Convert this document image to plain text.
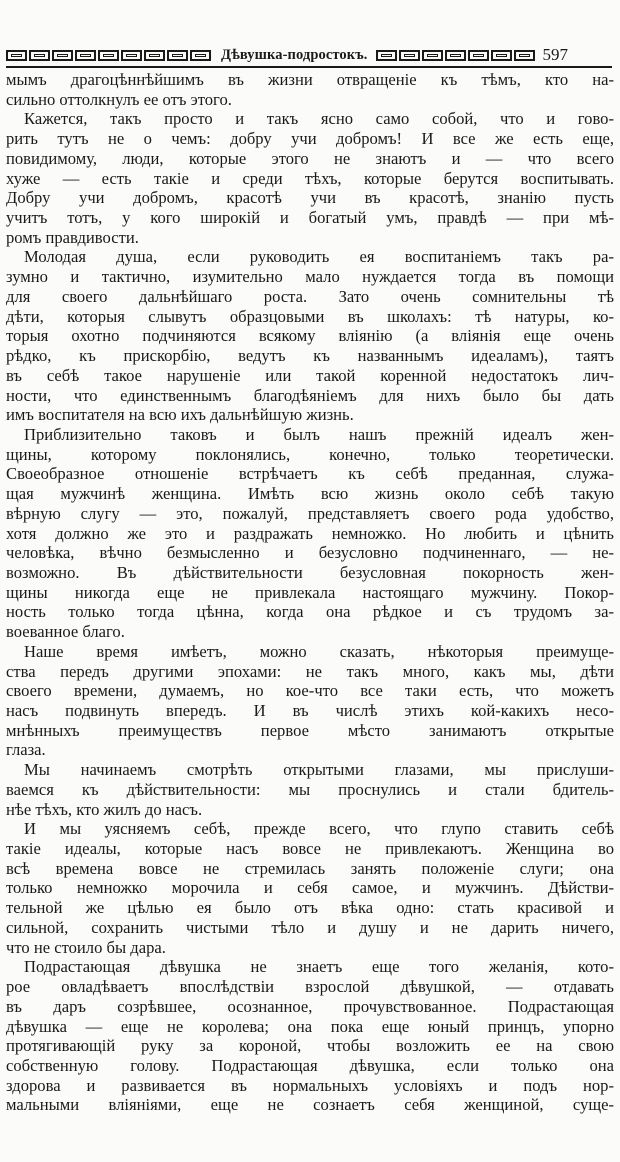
Дѣвушка-подростокъ.	597
мымъ драгоцѣннѣйшимъ въ жизни отвращенiе къ тѣмъ, кто на-
сильно оттолкнулъ ее отъ этого.
Кажется, такъ просто и такъ ясно само собой, что и гово-
рить тутъ не о чемъ: добру учи добромъ! И все же есть еще,
повидимому, люди, которые этого не знаютъ и — что всего
хуже — есть такiе и среди тѣхъ, которые берутся воспитывать.
Добру учи добромъ, красотѣ учи въ красотѣ, знанiю пусть
учитъ тотъ, у кого широкiй и богатый умъ, правдѣ — при мѣ-
ромъ правдивости.
Молодая душа, если руководить ея воспитанiемъ такъ ра-
зумно и тактично, изумительно мало нуждается тогда въ помощи
для своего дальнѣйшаго роста. Зато очень сомнительны тѣ
дѣти, которыя слывутъ образцовыми въ школахъ: тѣ натуры, ко-
торыя охотно подчиняются всякому влiянiю (а влiянiя еще очень
рѣдко, къ прискорбiю, ведутъ къ названнымъ идеаламъ), таятъ
въ себѣ такое нарушенiе или такой коренной недостатокъ лич-
ности, что единственнымъ благодѣянiемъ для нихъ было бы дать
имъ воспитателя на всю ихъ дальнѣйшую жизнь.
Приблизительно таковъ и былъ нашъ прежнiй идеалъ жен-
щины, которому поклонялись, конечно, только теоретически.
Своеобразное отношенiе встрѣчаетъ къ себѣ преданная, служа-
щая мужчинѣ женщина. Имѣть всю жизнь около себѣ такую
вѣрную слугу — это, пожалуй, представляетъ своего рода удобство,
хотя должно же это и раздражать немножко. Но любить и цѣнить
человѣка, вѣчно безмысленно и безусловно подчиненнаго, — не-
возможно. Въ дѣйствительности безусловная покорность жен-
щины никогда еще не привлекала настоящаго мужчину. Покор-
ность только тогда цѣнна, когда она рѣдкое и съ трудомъ за-
воеванное благо.
Наше время имѣетъ, можно сказать, нѣкоторыя преимуще-
ства передъ другими эпохами: не такъ много, какъ мы, дѣти
своего времени, думаемъ, но кое-что все таки есть, что можетъ
насъ подвинуть впередъ. И въ числѣ этихъ кой-какихъ несо-
мнѣнныхъ преимуществъ первое мѣсто занимаютъ открытые
глаза.
Мы начинаемъ смотрѣть открытыми глазами, мы прислуши-
ваемся къ дѣйствительности: мы проснулись и стали бдитель-
нѣе тѣхъ, кто жилъ до насъ.
И мы уясняемъ себѣ, прежде всего, что глупо ставить себѣ
такiе идеалы, которые насъ вовсе не привлекаютъ. Женщина во
всѣ времена вовсе не стремилась занять положенiе слуги; она
только немножко морочила и себя самое, и мужчинъ. Дѣйстви-
тельной же цѣлью ея было отъ вѣка одно: стать красивой и
сильной, сохранить чистыми тѣло и душу и не дарить ничего,
что не стоило бы дара.
Подрастающая дѣвушка не знаетъ еще того желанiя, кото-
рое овладѣваетъ впослѣдствiи взрослой дѣвушкой, — отдавать
въ даръ созрѣвшее, осознанное, прочувствованное. Подрастающая
дѣвушка — еще не королева; она пока еще юный принцъ, упорно
протягивающiй руку за короной, чтобы возложить ее на свою
собственную голову. Подрастающая дѣвушка, если только она
здорова и развивается въ нормальныхъ условiяхъ и подъ нор-
мальными влiянiями, еще не сознаетъ себя женщиной, суще-
